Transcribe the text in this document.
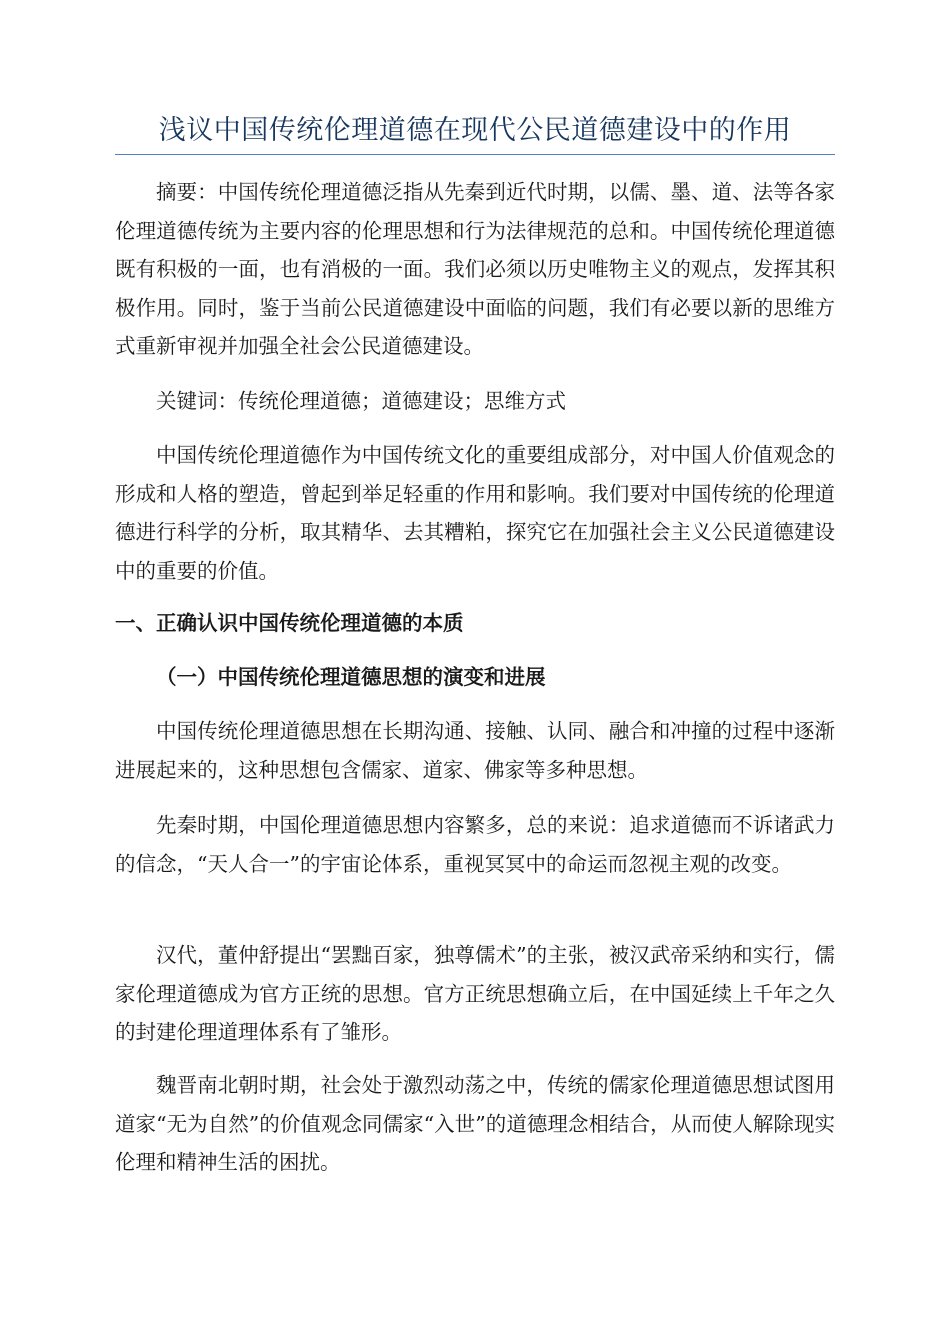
浅议中国传统伦理道德在现代公民道德建设中的作用

摘要：中国传统伦理道德泛指从先秦到近代时期，以儒、墨、道、法等各家伦理道德传统为主要内容的伦理思想和行为法律规范的总和。中国传统伦理道德既有积极的一面，也有消极的一面。我们必须以历史唯物主义的观点，发挥其积极作用。同时，鉴于当前公民道德建设中面临的问题，我们有必要以新的思维方式重新审视并加强全社会公民道德建设。

关键词：传统伦理道德；道德建设；思维方式

中国传统伦理道德作为中国传统文化的重要组成部分，对中国人价值观念的形成和人格的塑造，曾起到举足轻重的作用和影响。我们要对中国传统的伦理道德进行科学的分析，取其精华、去其糟粕，探究它在加强社会主义公民道德建设中的重要的价值。

一、正确认识中国传统伦理道德的本质
（一）中国传统伦理道德思想的演变和进展

中国传统伦理道德思想在长期沟通、接触、认同、融合和冲撞的过程中逐渐进展起来的，这种思想包含儒家、道家、佛家等多种思想。

先秦时期，中国伦理道德思想内容繁多，总的来说：追求道德而不诉诸武力的信念，“天人合一”的宇宙论体系，重视冥冥中的命运而忽视主观的改变。

汉代，董仲舒提出“罢黜百家，独尊儒术”的主张，被汉武帝采纳和实行，儒家伦理道德成为官方正统的思想。官方正统思想确立后，在中国延续上千年之久的封建伦理道理体系有了雏形。

魏晋南北朝时期，社会处于激烈动荡之中，传统的儒家伦理道德思想试图用道家“无为自然”的价值观念同儒家“入世”的道德理念相结合，从而使人解除现实伦理和精神生活的困扰。
